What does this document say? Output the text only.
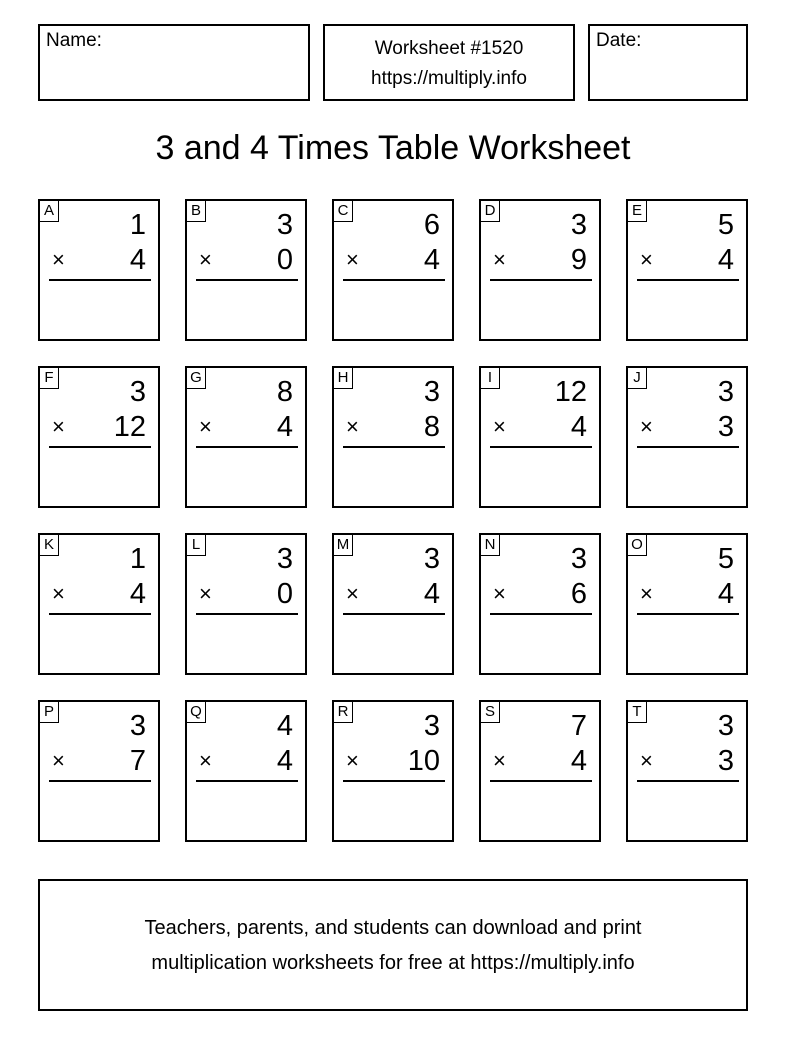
Name:	Worksheet #1520
https://multiply.info
Date:
3 and 4 Times Table Worksheet
A	1
× 4
B	3
× 0
C	6
× 4
D	3
× 9
E	5
× 4
F	3
× 12
G	8
× 4
H	3
× 8
I 12
× 4
J	3
× 3
K	1
× 4
L	3
× 0
M	3
× 4
N	3
× 6
O	5
× 4
P	3
× 7
Q	4
× 4
R	3
× 10
S	7
× 4
T	3
× 3
Teachers, parents, and students can download and print
multiplication worksheets for free at https://multiply.info
